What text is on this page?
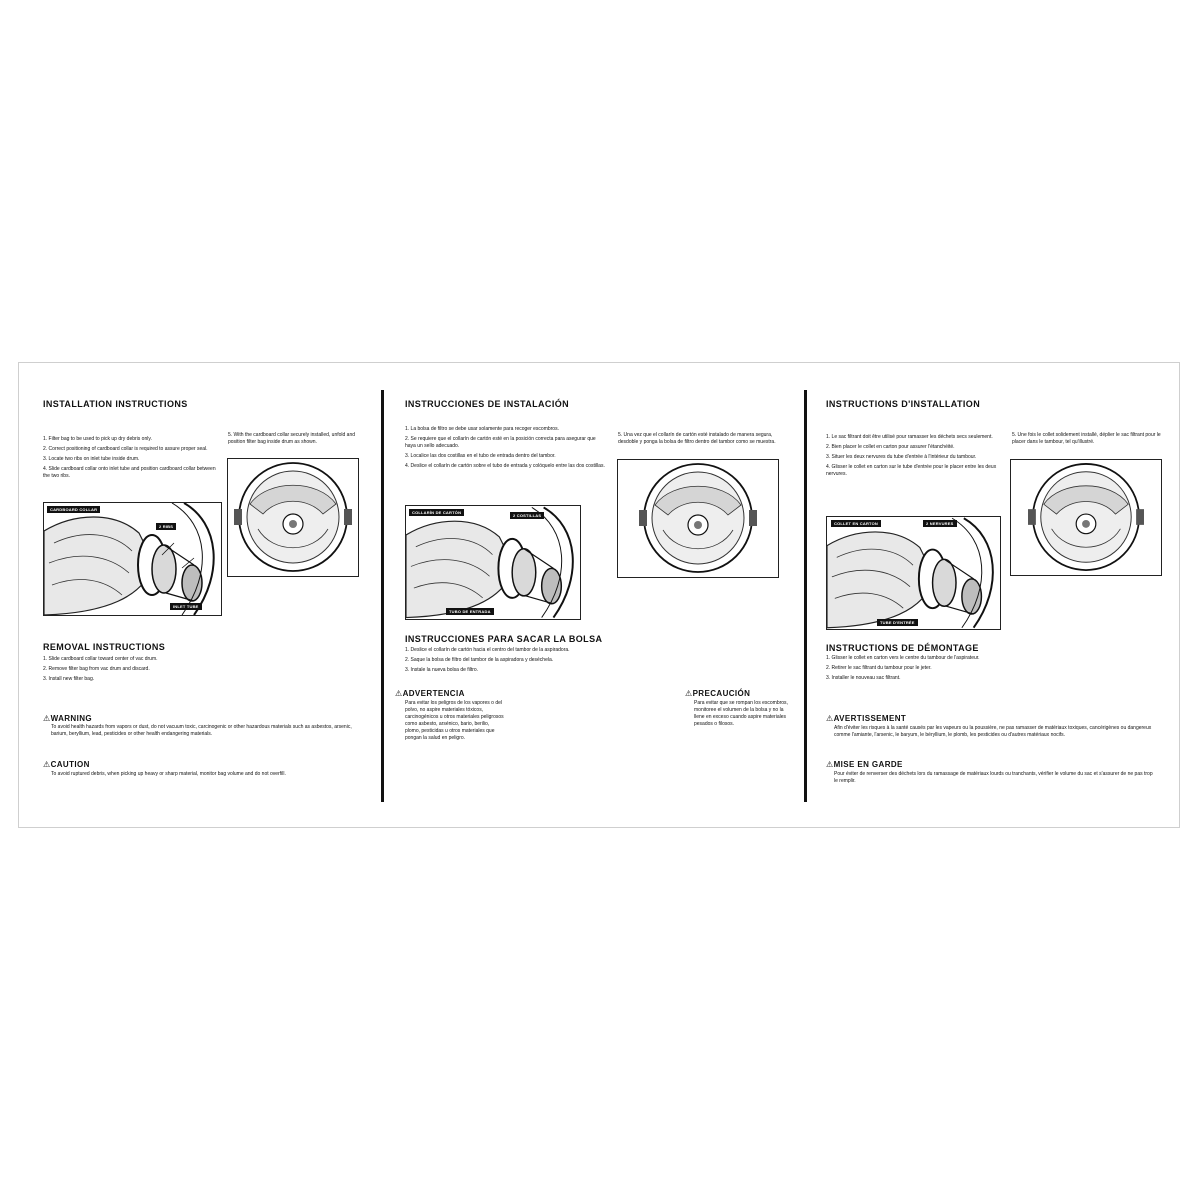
INSTALLATION INSTRUCTIONS
1. Filter bag to be used to pick up dry debris only.
2. Correct positioning of cardboard collar is required to assure proper seal.
3. Locate two ribs on inlet tube inside drum.
4. Slide cardboard collar onto inlet tube and position cardboard collar between the two ribs.

5. With the cardboard collar securely installed, unfold and position filter bag inside drum as shown.

CARDBOARD COLLAR
2 RIBS
INLET TUBE
REMOVAL INSTRUCTIONS
1. Slide cardboard collar toward center of vac drum.
2. Remove filter bag from vac drum and discard.
3. Install new filter bag.
⚠WARNING

To avoid health hazards from vapors or dust, do not vacuum toxic, carcinogenic or other hazardous materials such as asbestos, arsenic, barium, beryllium, lead, pesticides or other health endangering materials.

⚠CAUTION

To avoid ruptured debris, when picking up heavy or sharp material, monitor bag volume and do not overfill.

INSTRUCCIONES DE INSTALACIÓN
1. La bolsa de filtro se debe usar solamente para recoger escombros.
2. Se requiere que el collarín de cartón esté en la posición correcta para asegurar que haya un sello adecuado.
3. Localice las dos costillas en el tubo de entrada dentro del tambor.
4. Deslice el collarín de cartón sobre el tubo de entrada y colóquelo entre las dos costillas.

5. Una vez que el collarín de cartón esté instalado de manera segura, desdoble y ponga la bolsa de filtro dentro del tambor como se muestra.

COLLARÍN DE CARTÓN
2 COSTILLAS
TUBO DE ENTRADA
INSTRUCCIONES PARA SACAR LA BOLSA
1. Deslice el collarín de cartón hacia el centro del tambor de la aspiradora.
2. Saque la bolsa de filtro del tambor de la aspiradora y deséchela.
3. Instale la nueva bolsa de filtro.
⚠ADVERTENCIA

Para evitar los peligros de los vapores o del polvo, no aspire materiales tóxicos, carcinogénicos u otros materiales peligrosos como asbesto, arsénico, bario, berilio, plomo, pesticidas u otros materiales que pongan la salud en peligro.

⚠PRECAUCIÓN

Para evitar que se rompan los escombros, monitoree el volumen de la bolsa y no la llene en exceso cuando aspire materiales pesados o filosos.

INSTRUCTIONS D'INSTALLATION
1. Le sac filtrant doit être utilisé pour ramasser les déchets secs seulement.
2. Bien placer le collet en carton pour assurer l'étanchéité.
3. Situer les deux nervures du tube d'entrée à l'intérieur du tambour.
4. Glisser le collet en carton sur le tube d'entrée pour le placer entre les deux nervures.

5. Une fois le collet solidement installé, déplier le sac filtrant pour le placer dans le tambour, tel qu'illustré.

COLLET EN CARTON	2 NERVURES
TUBE D'ENTRÉE
INSTRUCTIONS DE DÉMONTAGE
1. Glisser le collet en carton vers le centre du tambour de l'aspirateur.
2. Retirer le sac filtrant du tambour pour le jeter.
3. Installer le nouveau sac filtrant.
⚠AVERTISSEMENT

Afin d'éviter les risques à la santé causés par les vapeurs ou la poussière, ne pas ramasser de matériaux toxiques, cancérigènes ou dangereux comme l'amiante, l'arsenic, le baryum, le béryllium, le plomb, les pesticides ou d'autres matériaux nocifs.

⚠MISE EN GARDE

Pour éviter de renverser des déchets lors du ramassage de matériaux lourds ou tranchants, vérifier le volume du sac et s'assurer de ne pas trop le remplir.
